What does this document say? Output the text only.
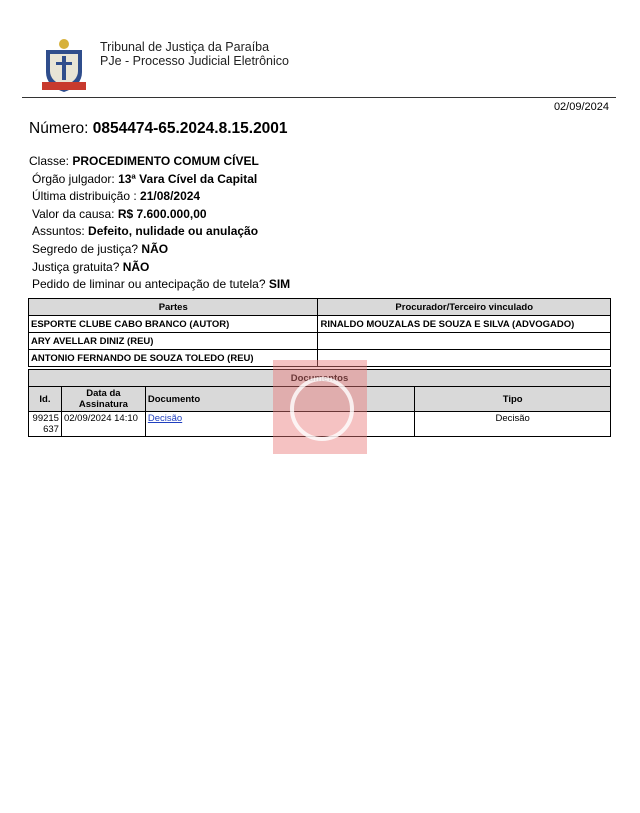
Tribunal de Justiça da Paraíba
PJe - Processo Judicial Eletrônico
02/09/2024
Número: 0854474-65.2024.8.15.2001
Classe: PROCEDIMENTO COMUM CÍVEL
Órgão julgador: 13ª Vara Cível da Capital
Última distribuição : 21/08/2024
Valor da causa: R$ 7.600.000,00
Assuntos: Defeito, nulidade ou anulação
Segredo de justiça? NÃO
Justiça gratuita? NÃO
Pedido de liminar ou antecipação de tutela? SIM
Partes	Procurador/Terceiro vinculado
ESPORTE CLUBE CABO BRANCO (AUTOR)	RINALDO MOUZALAS DE SOUZA E SILVA (ADVOGADO)
ARY AVELLAR DINIZ (REU)	
ANTONIO FERNANDO DE SOUZA TOLEDO (REU)	
Documentos			
Id.	Data da Assinatura	Documento	Tipo
99215637	02/09/2024 14:10	Decisão	Decisão
